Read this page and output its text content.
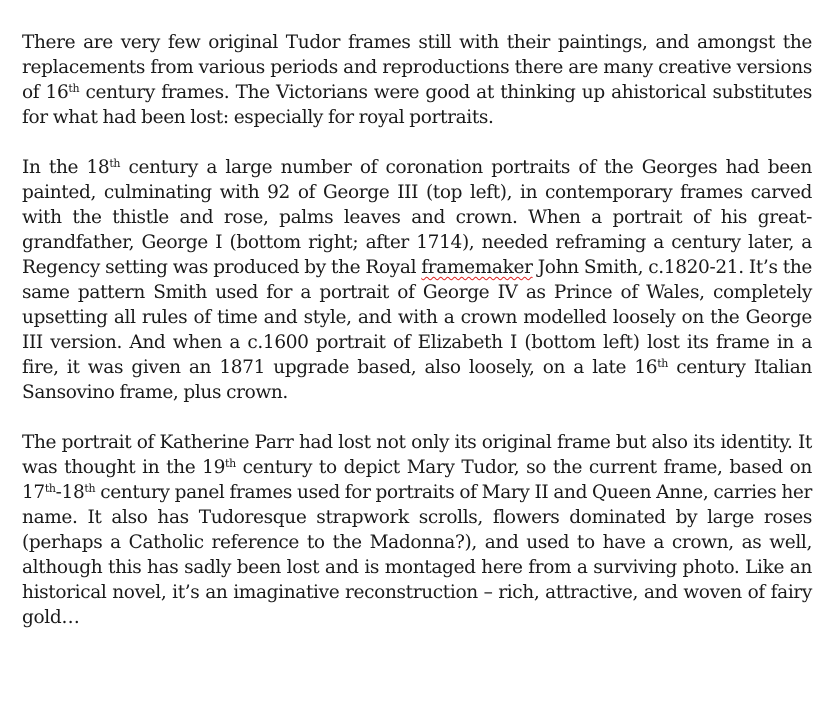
There are very few original Tudor frames still with their paintings, and amongst the replacements from various periods and reproductions there are many creative versions of 16th century frames. The Victorians were good at thinking up ahistorical substitutes for what had been lost: especially for royal portraits.

In the 18th century a large number of coronation portraits of the Georges had been painted, culminating with 92 of George III (top left), in contemporary frames carved with the thistle and rose, palms leaves and crown. When a portrait of his great-grandfather, George I (bottom right; after 1714), needed reframing a century later, a Regency setting was produced by the Royal framemaker John Smith, c.1820-21. It’s the same pattern Smith used for a portrait of George IV as Prince of Wales, completely upsetting all rules of time and style, and with a crown modelled loosely on the George III version. And when a c.1600 portrait of Elizabeth I (bottom left) lost its frame in a fire, it was given an 1871 upgrade based, also loosely, on a late 16th century Italian Sansovino frame, plus crown.

The portrait of Katherine Parr had lost not only its original frame but also its identity. It was thought in the 19th century to depict Mary Tudor, so the current frame, based on 17th-18th century panel frames used for portraits of Mary II and Queen Anne, carries her name. It also has Tudoresque strapwork scrolls, flowers dominated by large roses (perhaps a Catholic reference to the Madonna?), and used to have a crown, as well, although this has sadly been lost and is montaged here from a surviving photo. Like an historical novel, it’s an imaginative reconstruction – rich, attractive, and woven of fairy gold…
